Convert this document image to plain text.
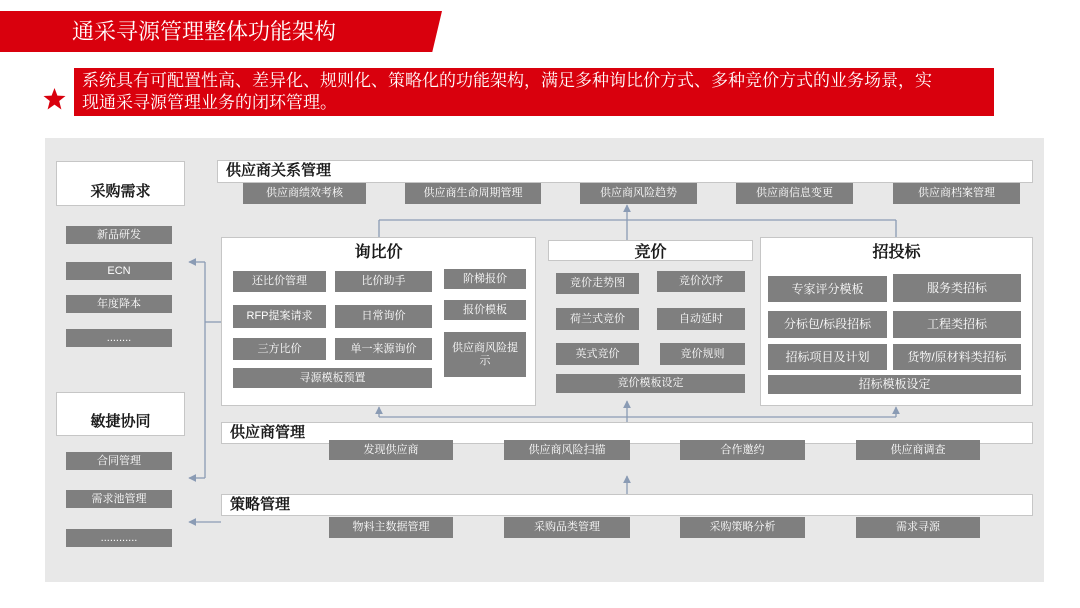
通采寻源管理整体功能架构
系统具有可配置性高、差异化、规则化、策略化的功能架构，满足多种询比价方式、多种竞价方式的业务场景，实
现通采寻源管理业务的闭环管理。
采购需求
新品研发
ECN
年度降本
........
敏捷协同
合同管理
需求池管理
............
供应商关系管理
供应商绩效考核	供应商生命周期管理	供应商风险趋势	供应商信息变更	供应商档案管理
询比价
还比价管理	比价助手	阶梯报价
RFP提案请求	日常询价
报价模板
三方比价	单一来源询价	供应商风险提示
寻源模板预置
竞价
竞价走势图	竞价次序
荷兰式竞价	自动延时
英式竞价	竞价规则
竞价模板设定
招投标
专家评分模板	服务类招标
分标包/标段招标	工程类招标
招标项目及计划	货物/原材料类招标
招标模板设定
供应商管理
发现供应商	供应商风险扫描	合作邀约	供应商调查
策略管理
物料主数据管理	采购品类管理	采购策略分析	需求寻源
